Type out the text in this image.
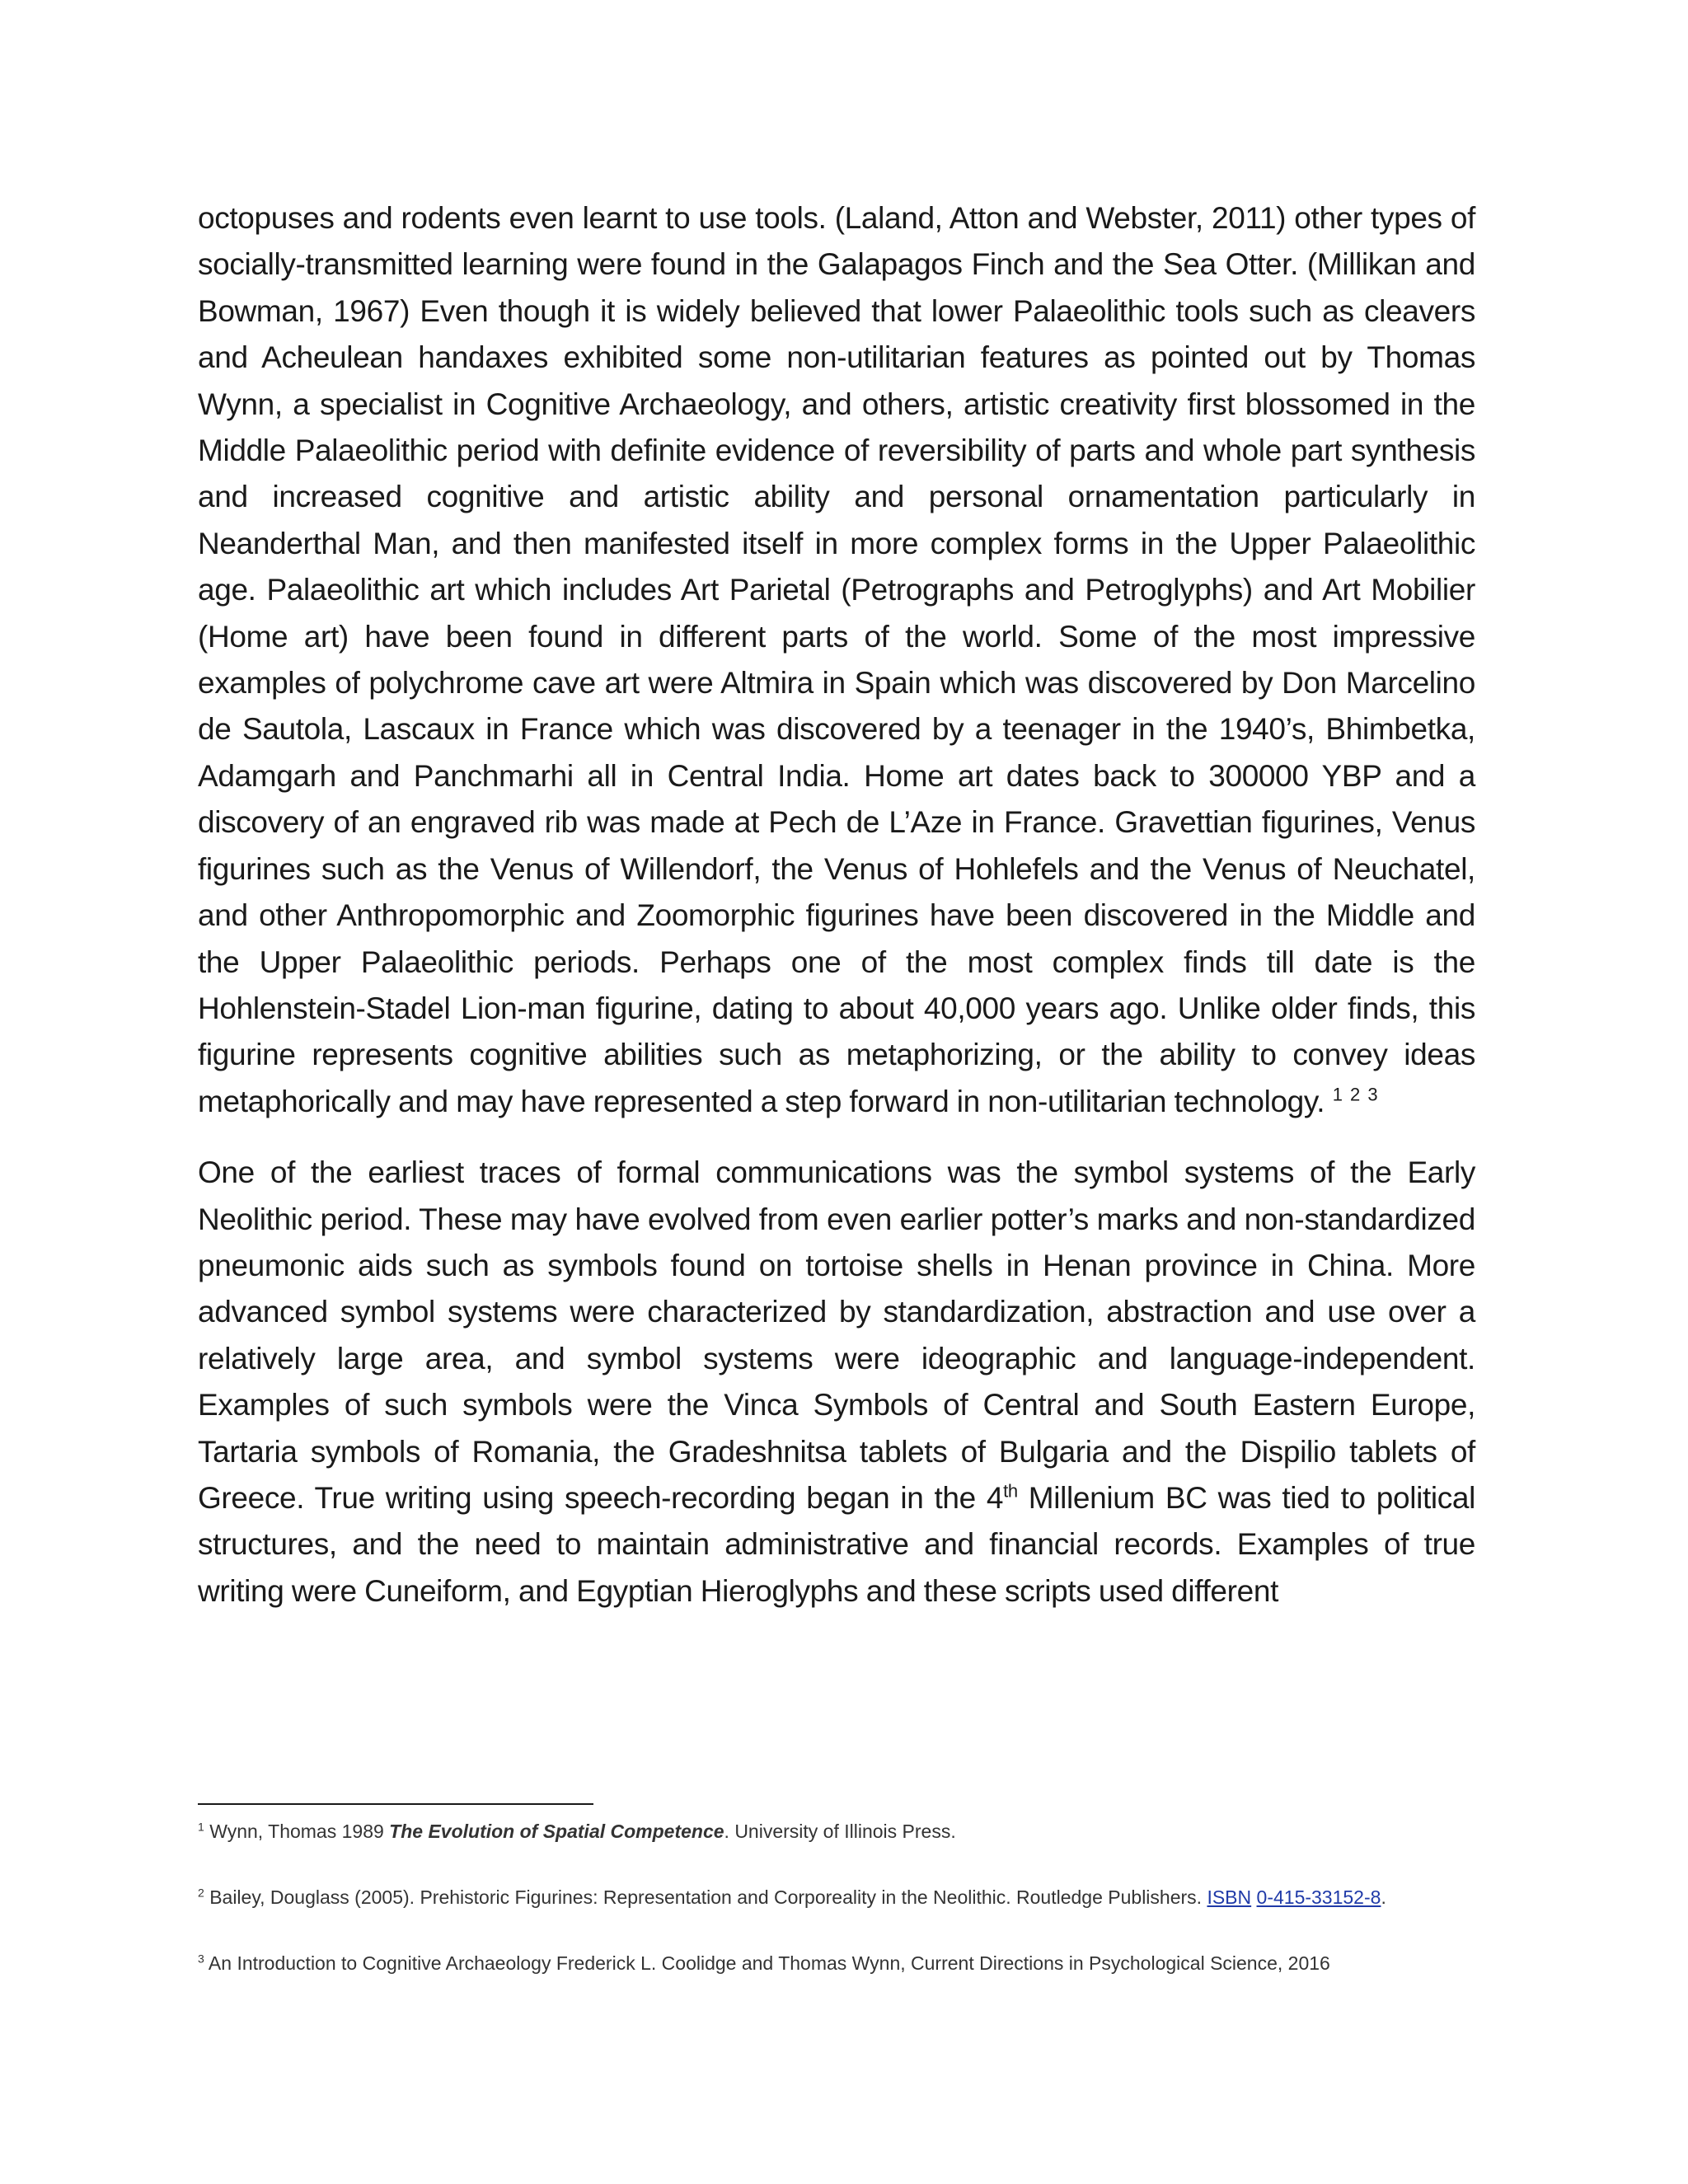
octopuses and rodents even learnt to use tools. (Laland, Atton and Webster, 2011) other types of socially-transmitted learning were found in the Galapagos Finch and the Sea Otter. (Millikan and Bowman, 1967) Even though it is widely believed that lower Palaeolithic tools such as cleavers and Acheulean handaxes exhibited some non-utilitarian features as pointed out by Thomas Wynn, a specialist in Cognitive Archaeology, and others, artistic creativity first blossomed in the Middle Palaeolithic period with definite evidence of reversibility of parts and whole part synthesis and increased cognitive and artistic ability and personal ornamentation particularly in Neanderthal Man, and then manifested itself in more complex forms in the Upper Palaeolithic age. Palaeolithic art which includes Art Parietal (Petrographs and Petroglyphs) and Art Mobilier (Home art) have been found in different parts of the world. Some of the most impressive examples of polychrome cave art were Altmira in Spain which was discovered by Don Marcelino de Sautola, Lascaux in France which was discovered by a teenager in the 1940’s, Bhimbetka, Adamgarh and Panchmarhi all in Central India. Home art dates back to 300000 YBP and a discovery of an engraved rib was made at Pech de L’Aze in France. Gravettian figurines, Venus figurines such as the Venus of Willendorf, the Venus of Hohlefels and the Venus of Neuchatel, and other Anthropomorphic and Zoomorphic figurines have been discovered in the Middle and the Upper Palaeolithic periods. Perhaps one of the most complex finds till date is the Hohlenstein-Stadel Lion-man figurine, dating to about 40,000 years ago. Unlike older finds, this figurine represents cognitive abilities such as metaphorizing, or the ability to convey ideas metaphorically and may have represented a step forward in non-utilitarian technology. $^1$ $^2$ $^3$

One of the earliest traces of formal communications was the symbol systems of the Early Neolithic period. These may have evolved from even earlier potter’s marks and non-standardized pneumonic aids such as symbols found on tortoise shells in Henan province in China. More advanced symbol systems were characterized by standardization, abstraction and use over a relatively large area, and symbol systems were ideographic and language-independent. Examples of such symbols were the Vinca Symbols of Central and South Eastern Europe, Tartaria symbols of Romania, the Gradeshnitsa tablets of Bulgaria and the Dispilio tablets of Greece. True writing using speech-recording began in the 4th Millenium BC was tied to political structures, and the need to maintain administrative and financial records. Examples of true writing were Cuneiform, and Egyptian Hieroglyphs and these scripts used different

$^1$ Wynn, Thomas 1989 The Evolution of Spatial Competence. University of Illinois Press.

$^2$ Bailey, Douglass (2005). Prehistoric Figurines: Representation and Corporeality in the Neolithic. Routledge Publishers. ISBN 0-415-33152-8.

$^3$ An Introduction to Cognitive Archaeology Frederick L. Coolidge and Thomas Wynn, Current Directions in Psychological Science, 2016
